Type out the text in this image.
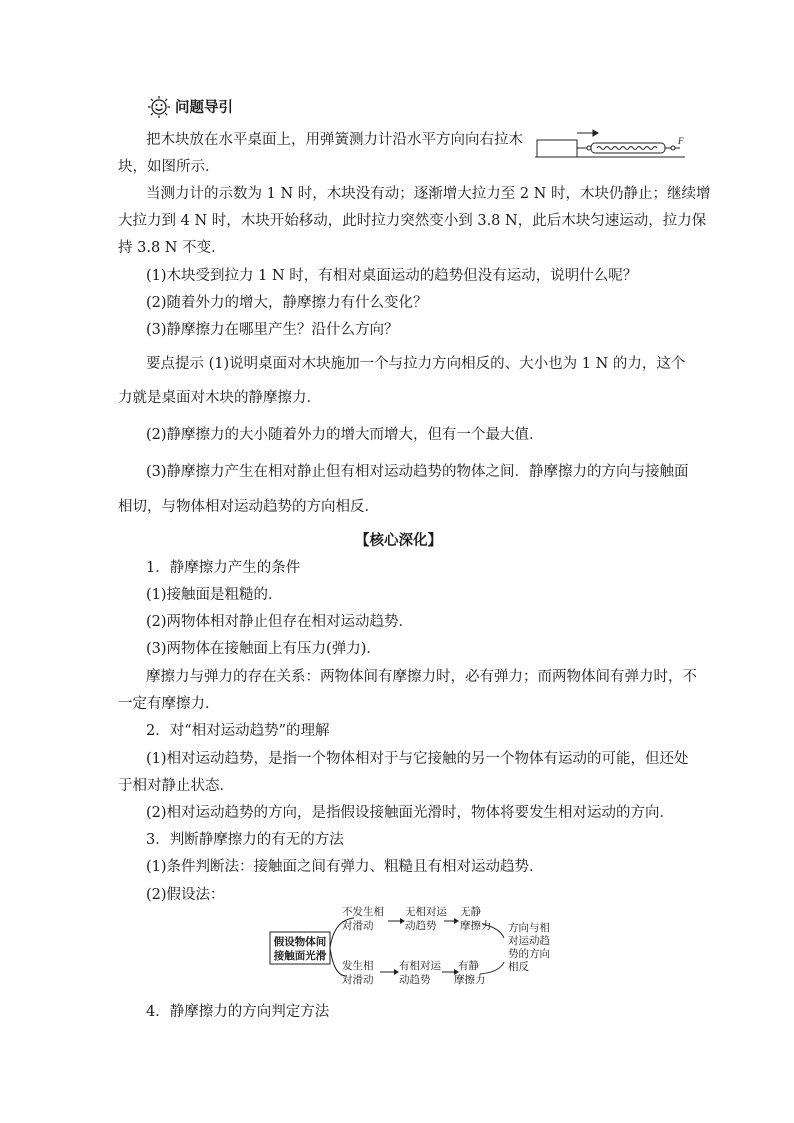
问题导引
把木块放在水平桌面上，用弹簧测力计沿水平方向向右拉木
块，如图所示．
F
当测力计的示数为 1 N 时，木块没有动；逐渐增大拉力至 2 N 时，木块仍静止；继续增
大拉力到 4 N 时，木块开始移动，此时拉力突然变小到 3.8 N，此后木块匀速运动，拉力保
持 3.8 N 不变．
(1)木块受到拉力 1 N 时，有相对桌面运动的趋势但没有运动，说明什么呢？
(2)随着外力的增大，静摩擦力有什么变化？
(3)静摩擦力在哪里产生？沿什么方向？
要点提示 (1)说明桌面对木块施加一个与拉力方向相反的、大小也为 1 N 的力，这个
力就是桌面对木块的静摩擦力．
(2)静摩擦力的大小随着外力的增大而增大，但有一个最大值．
(3)静摩擦力产生在相对静止但有相对运动趋势的物体之间．静摩擦力的方向与接触面
相切，与物体相对运动趋势的方向相反．
【核心深化】
1．静摩擦力产生的条件
(1)接触面是粗糙的．
(2)两物体相对静止但存在相对运动趋势．
(3)两物体在接触面上有压力(弹力)．
摩擦力与弹力的存在关系：两物体间有摩擦力时，必有弹力；而两物体间有弹力时，不
一定有摩擦力．
2．对“相对运动趋势”的理解
(1)相对运动趋势，是指一个物体相对于与它接触的另一个物体有运动的可能，但还处
于相对静止状态．
(2)相对运动趋势的方向，是指假设接触面光滑时，物体将要发生相对运动的方向．
3．判断静摩擦力的有无的方法
(1)条件判断法：接触面之间有弹力、粗糙且有相对运动趋势．
(2)假设法：
假设物体间
接触面光滑
不发生相
对滑动
无相对运
动趋势
无静
摩擦力
发生相
对滑动
有相对运
动趋势
有静
摩擦力
方向与相
对运动趋
势的方向
相反
4．静摩擦力的方向判定方法
